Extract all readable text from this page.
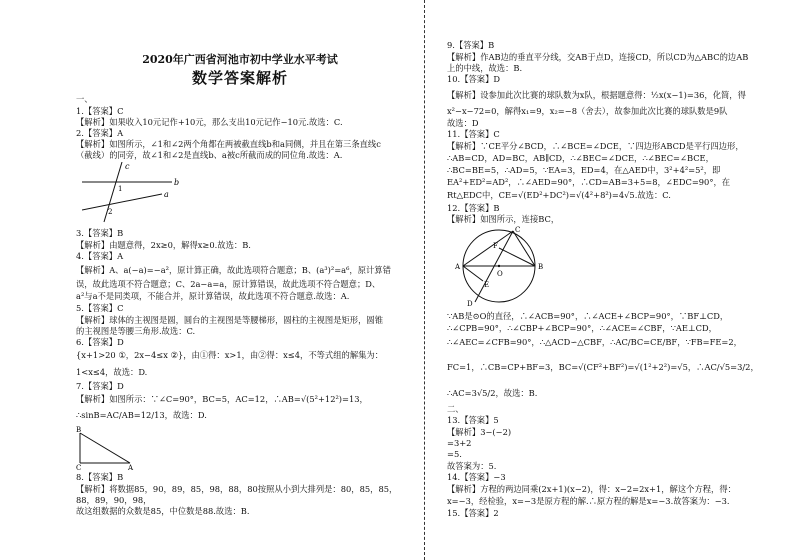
2020年广西省河池市初中学业水平考试
数学答案解析
一、
1.【答案】C
【解析】如果收入10元记作+10元，那么支出10元记作−10元.故选：C.
2.【答案】A
【解析】如图所示，∠1和∠2两个角都在两被截直线b和a同侧，并且在第三条直线c
（截线）的同旁，故∠1和∠2是直线b、a被c所截而成的同位角.故选：A.
b
a
c
1
2
3.【答案】B
【解析】由题意得，2x≥0，解得x≥0.故选：B.
4.【答案】A
【解析】A、a(−a)=−a²，原计算正确，故此选项符合题意；B、(a³)²=a⁶，原计算错
误，故此选项不符合题意；C、2a−a=a，原计算错误，故此选项不符合题意；D、
a²与a不是同类项，不能合并，原计算错误，故此选项不符合题意.故选：A.
5.【答案】C
【解析】球体的主视图是圆，圆台的主视图是等腰梯形，圆柱的主视图是矩形，圆锥
的主视图是等腰三角形.故选：C.
6.【答案】D
{x+1>20 ①，2x−4≤x ②}，由①得：x>1，由②得：x≤4，不等式组的解集为：
1<x≤4，故选：D.
7.【答案】D
【解析】如图所示：∵∠C=90°，BC=5，AC=12，∴AB=√(5²+12²)=13，
∴sinB=AC/AB=12/13，故选：D.
B
C	A
8.【答案】B
【解析】将数据85，90，89，85，98，88，80按照从小到大排列是：80，85，85，
88，89，90，98，
故这组数据的众数是85，中位数是88.故选：B.
9.【答案】B
【解析】作AB边的垂直平分线，交AB于点D，连接CD，所以CD为△ABC的边AB
上的中线，故选：B.
10.【答案】D
【解析】设参加此次比赛的球队数为x队，根据题意得：½x(x−1)=36，化简，得
x²−x−72=0，解得x₁=9，x₂=−8（舍去），故参加此次比赛的球队数是9队
故选：D
11.【答案】C
【解析】∵CE平分∠BCD，∴∠BCE=∠DCE，∵四边形ABCD是平行四边形，
∴AB=CD，AD=BC，AB∥CD，∴∠BEC=∠DCE，∴∠BEC=∠BCE，
∴BC=BE=5，∴AD=5，∵EA=3，ED=4，在△AED中，3²+4²=5²，即
EA²+ED²=AD²，∴∠AED=90°，∴CD=AB=3+5=8，∠EDC=90°，在
Rt△EDC中，CE=√(ED²+DC²)=√(4²+8²)=4√5.故选：C.
12.【答案】B
【解析】如图所示，连接BC，
A	B
C
D
E
F
O
∵AB是⊙O的直径，∴∠ACB=90°，∴∠ACE+∠BCP=90°，∵BF⊥CD，
∴∠CPB=90°，∴∠CBP+∠BCP=90°，∴∠ACE=∠CBF，∵AE⊥CD，
∴∠AEC=∠CFB=90°，∴△ACD∽△CBF，∴AC/BC=CE/BF，∵FB=FE=2，
FC=1，∴CB=CP+BF=3，BC=√(CF²+BF²)=√(1²+2²)=√5，∴AC/√5=3/2，
∴AC=3√5/2，故选：B.
二、
13.【答案】5
【解析】3−(−2)
=3+2
=5.
故答案为：5.
14.【答案】−3
【解析】方程的两边同乘(2x+1)(x−2)，得：x−2=2x+1，解这个方程，得：
x=−3，经检验，x=−3是原方程的解.∴原方程的解是x=−3.故答案为：−3.
15.【答案】2
